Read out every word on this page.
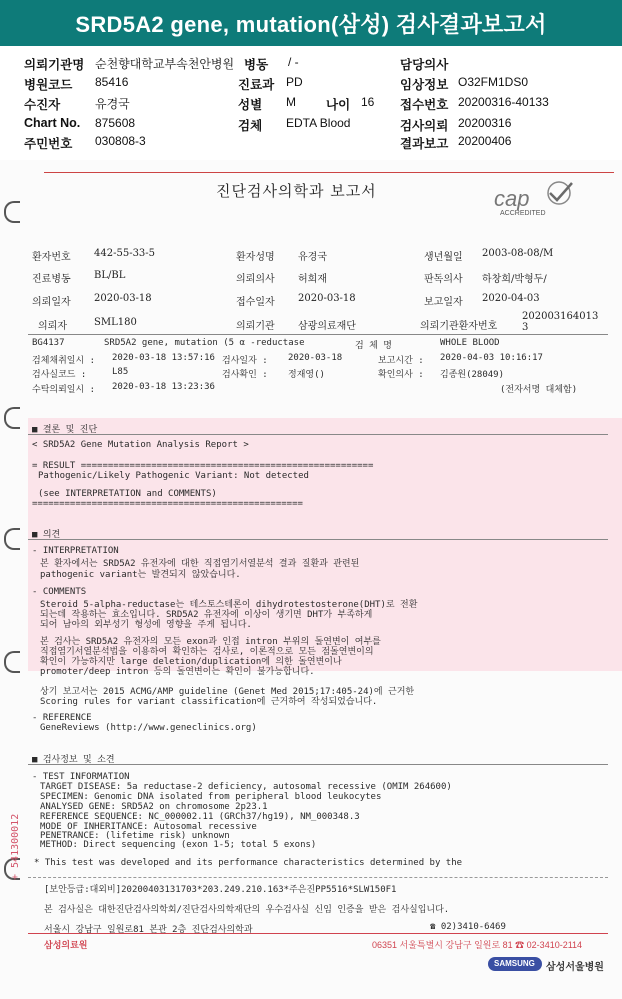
SRD5A2 gene, mutation(삼성) 검사결과보고서
의뢰기관명 순천향대학교부속천안병원 병동 / -	담당의사
병원코드 85416	진료과 PD	임상정보 O32FM1DS0
수진자	유경국	성별 M 나이 16 접수번호 20200316-40133
Chart No. 875608	검체 EDTA Blood	검사의뢰 20200316
주민번호 030808-3	결과보고 20200406
진단검사의학과 보고서	cap
ACCREDITED
환자번호 442-55-33-5	환자성명 유경국	생년월일 2003-08-08/M
진료병동 BL/BL	의뢰의사 허희재	판독의사 하창희/박형두/
의뢰일자 2020-03-18	접수일자 2020-03-18	보고일자 2020-04-03
의뢰자	SML180	의뢰기관 삼광의료재단	의뢰기관환자번호
202003164013
3
BG4137	SRD5A2 gene, mutation (5 α -reductase	검 체 명	WHOLE BLOOD
검체채취일시 : 2020-03-18 13:57:16 검사일자 : 2020-03-18	보고시간 : 2020-04-03 10:16:17
검사실코드 :	L85	검사확인 : 정재영()	확인의사 : 김종원(28049)
수탁의뢰일시 : 2020-03-18 13:23:36	(전자서명 대체함)
■ 결론 및 진단
< SRD5A2 Gene Mutation Analysis Report >
= RESULT ======================================================
Pathogenic/Likely Pathogenic Variant: Not detected
(see INTERPRETATION and COMMENTS)
==================================================
■ 의견
- INTERPRETATION
본 환자에서는 SRD5A2 유전자에 대한 직접염기서열분석 결과 질환과 관련된
pathogenic variant는 발견되지 않았습니다.
- COMMENTS
Steroid 5-alpha-reductase는 테스토스테론이 dihydrotestosterone(DHT)로 전환
되는데 작용하는 효소입니다. SRD5A2 유전자에 이상이 생기면 DHT가 부족하게
되어 남아의 외부성기 형성에 영향을 주게 됩니다.
본 검사는 SRD5A2 유전자의 모든 exon과 인접 intron 부위의 돌연변이 여부를
직접염기서열분석법을 이용하여 확인하는 검사로, 이론적으로 모든 점돌연변이의
확인이 가능하지만 large deletion/duplication에 의한 돌연변이나
promoter/deep intron 등의 돌연변이는 확인이 불가능합니다.
상기 보고서는 2015 ACMG/AMP guideline (Genet Med 2015;17:405-24)에 근거한
Scoring rules for variant classification에 근거하여 작성되었습니다.
- REFERENCE
GeneReviews (http://www.geneclinics.org)
■ 검사정보 및 소견
- TEST INFORMATION
TARGET DISEASE: 5a reductase-2 deficiency, autosomal recessive (OMIM 264600)
SPECIMEN: Genomic DNA isolated from peripheral blood leukocytes
ANALYSED GENE: SRD5A2 on chromosome 2p23.1
REFERENCE SEQUENCE: NC_000002.11 (GRCh37/hg19), NM_000348.3
MODE OF INHERITANCE: Autosomal recessive
PENETRANCE: (lifetime risk) unknown
METHOD: Direct sequencing (exon 1-5; total 5 exons)
* This test was developed and its performance characteristics determined by the
+ 541300012
[보안등급:대외비]20200403131703*203.249.210.163*주은진PP5516*SLW150F1
본 검사실은 대한진단검사의학회/진단검사의학재단의 우수검사실 신임 인증을 받은 검사실입니다.
서울시 강남구 일원로81 본관 2층 진단검사의학과	☎ 02)3410-6469
삼성의료원	06351 서울특별시 강남구 일원로 81 ☎ 02-3410-2114
SAMSUNG 삼성서울병원
